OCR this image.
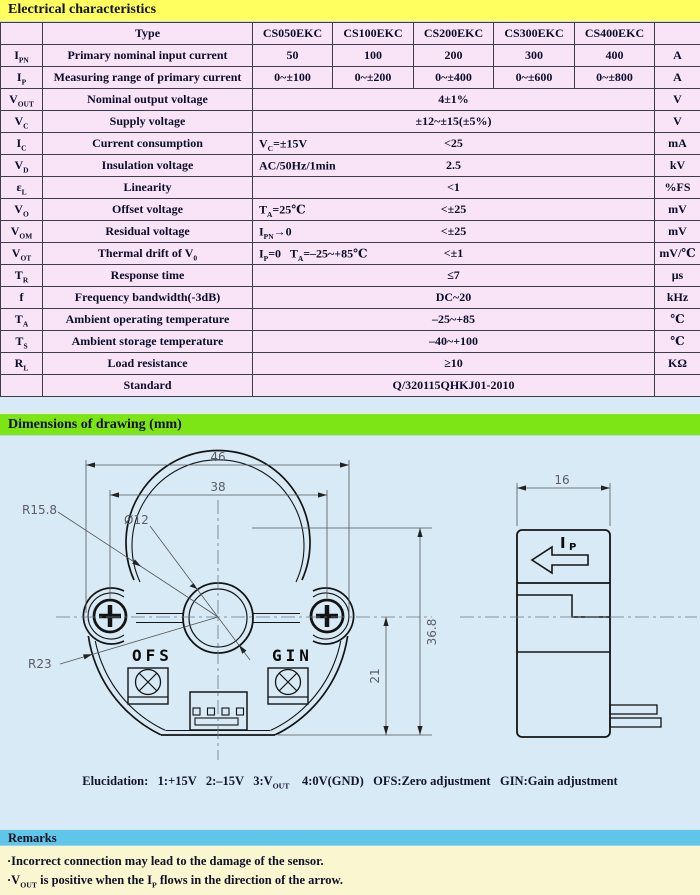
Electrical characteristics
	Type	CS050EKC	CS100EKC	CS200EKC	CS300EKC	CS400EKC	
$I_{PN}$	Primary nominal input current	50	100	200	300	400	A
$I_P$	Measuring range of primary current	0~±100	0~±200	0~±400	0~±600	0~±800	A
$V_{OUT}$	Nominal output voltage	4±1%					V
$V_C$	Supply voltage	±12~±15(±5%)					V
$I_C$	Current consumption	$V_C=\pm 15V <25$					mA
$V_D$	Insulation voltage	AC/50Hz/1min 2.5					kV
$\varepsilon_L$	Linearity	<1					%FS
$V_O$	Offset voltage	$T_A=25℃ <\pm 25$					mV
$V_{OM}$	Residual voltage	$I_{PN}\to 0 <\pm 25$					mV
$V_{OT}$	Thermal drift of $V_0$	$I_P=0$   $T_A=-25\sim+85℃ <\pm 1$					mV/℃
$T_R$	Response time	≤7					μs
f	Frequency bandwidth(-3dB)	DC~20					kHz
$T_A$	Ambient operating temperature	–25~+85					℃
$T_S$	Ambient storage temperature	–40~+100					℃
$R_L$	Load resistance	≥10					KΩ
	Standard	Q/320115QHKJ01-2010					
Dimensions of drawing (mm)
OFS	GIN
46
38
R15.8
Ø12
R23
36.8
21
16
I P
Elucidation:   1:+15V   2:–15V   $3:V_{OUT}$    4:0V(GND)   OFS:Zero adjustment   GIN:Gain adjustment
Remarks
·Incorrect connection may lead to the damage of the sensor.
$\cdot V_{OUT}$ is positive when the $I_P$ flows in the direction of the arrow.
